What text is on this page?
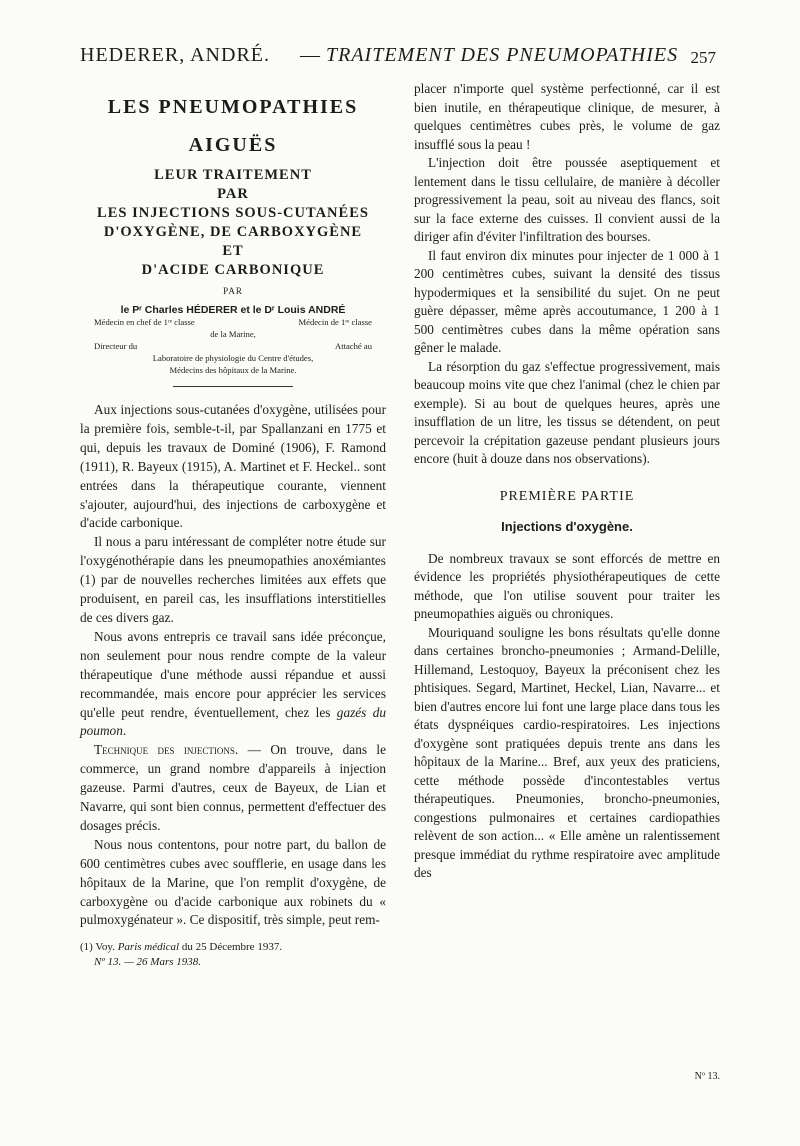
HEDERER, ANDRÉ. — TRAITEMENT DES PNEUMOPATHIES 257
LES PNEUMOPATHIES
AIGUËS
LEUR TRAITEMENT
PAR
LES INJECTIONS SOUS-CUTANÉES
D'OXYGÈNE, DE CARBOXYGÈNE
ET
D'ACIDE CARBONIQUE
PAR
le Pʳ Charles HÉDERER et le Dʳ Louis ANDRÉ
Médecin en chef de 1ʳᵉ classe	Médecin de 1ʳᵉ classe
de la Marine,
Directeur du	Attaché au
Laboratoire de physiologie du Centre d'études,
Médecins des hôpitaux de la Marine.

Aux injections sous-cutanées d'oxygène, utilisées pour la première fois, semble-t-il, par Spallanzani en 1775 et qui, depuis les travaux de Dominé (1906), F. Ramond (1911), R. Bayeux (1915), A. Martinet et F. Heckel.. sont entrées dans la thérapeutique courante, viennent s'ajouter, aujourd'hui, des injections de carboxygène et d'acide carbonique.

Il nous a paru intéressant de compléter notre étude sur l'oxygénothérapie dans les pneumopathies anoxémiantes (1) par de nouvelles recherches limitées aux effets que produisent, en pareil cas, les insufflations interstitielles de ces divers gaz.

Nous avons entrepris ce travail sans idée préconçue, non seulement pour nous rendre compte de la valeur thérapeutique d'une méthode aussi répandue et aussi recommandée, mais encore pour apprécier les services qu'elle peut rendre, éventuellement, chez les gazés du poumon.

Technique des injections. — On trouve, dans le commerce, un grand nombre d'appareils à injection gazeuse. Parmi d'autres, ceux de Bayeux, de Lian et Navarre, qui sont bien connus, permettent d'effectuer des dosages précis.

Nous nous contentons, pour notre part, du ballon de 600 centimètres cubes avec soufflerie, en usage dans les hôpitaux de la Marine, que l'on remplit d'oxygène, de carboxygène ou d'acide carbonique aux robinets du « pulmoxygénateur ». Ce dispositif, très simple, peut rem-

(1) Voy. Paris médical du 25 Décembre 1937.

Nº 13. — 26 Mars 1938.

placer n'importe quel système perfectionné, car il est bien inutile, en thérapeutique clinique, de mesurer, à quelques centimètres cubes près, le volume de gaz insufflé sous la peau !

L'injection doit être poussée aseptiquement et lentement dans le tissu cellulaire, de manière à décoller progressivement la peau, soit au niveau des flancs, soit sur la face externe des cuisses. Il convient aussi de la diriger afin d'éviter l'infiltration des bourses.

Il faut environ dix minutes pour injecter de 1 000 à 1 200 centimètres cubes, suivant la densité des tissus hypodermiques et la sensibilité du sujet. On ne peut guère dépasser, même après accoutumance, 1 200 à 1 500 centimètres cubes dans la même opération sans gêner le malade.

La résorption du gaz s'effectue progressivement, mais beaucoup moins vite que chez l'animal (chez le chien par exemple). Si au bout de quelques heures, après une insufflation de un litre, les tissus se détendent, on peut percevoir la crépitation gazeuse pendant plusieurs jours encore (huit à douze dans nos observations).

PREMIÈRE PARTIE
Injections d'oxygène.

De nombreux travaux se sont efforcés de mettre en évidence les propriétés physiothérapeutiques de cette méthode, que l'on utilise souvent pour traiter les pneumopathies aiguës ou chroniques.

Mouriquand souligne les bons résultats qu'elle donne dans certaines broncho-pneumonies ; Armand-Delille, Hillemand, Lestoquoy, Bayeux la préconisent chez les phtisiques. Segard, Martinet, Heckel, Lian, Navarre... et bien d'autres encore lui font une large place dans tous les états dyspnéiques cardio-respiratoires. Les injections d'oxygène sont pratiquées depuis trente ans dans les hôpitaux de la Marine... Bref, aux yeux des praticiens, cette méthode possède d'incontestables vertus thérapeutiques. Pneumonies, broncho-pneumonies, congestions pulmonaires et certaines cardiopathies relèvent de son action... « Elle amène un ralentissement presque immédiat du rythme respiratoire avec amplitude des

Nº 13.
